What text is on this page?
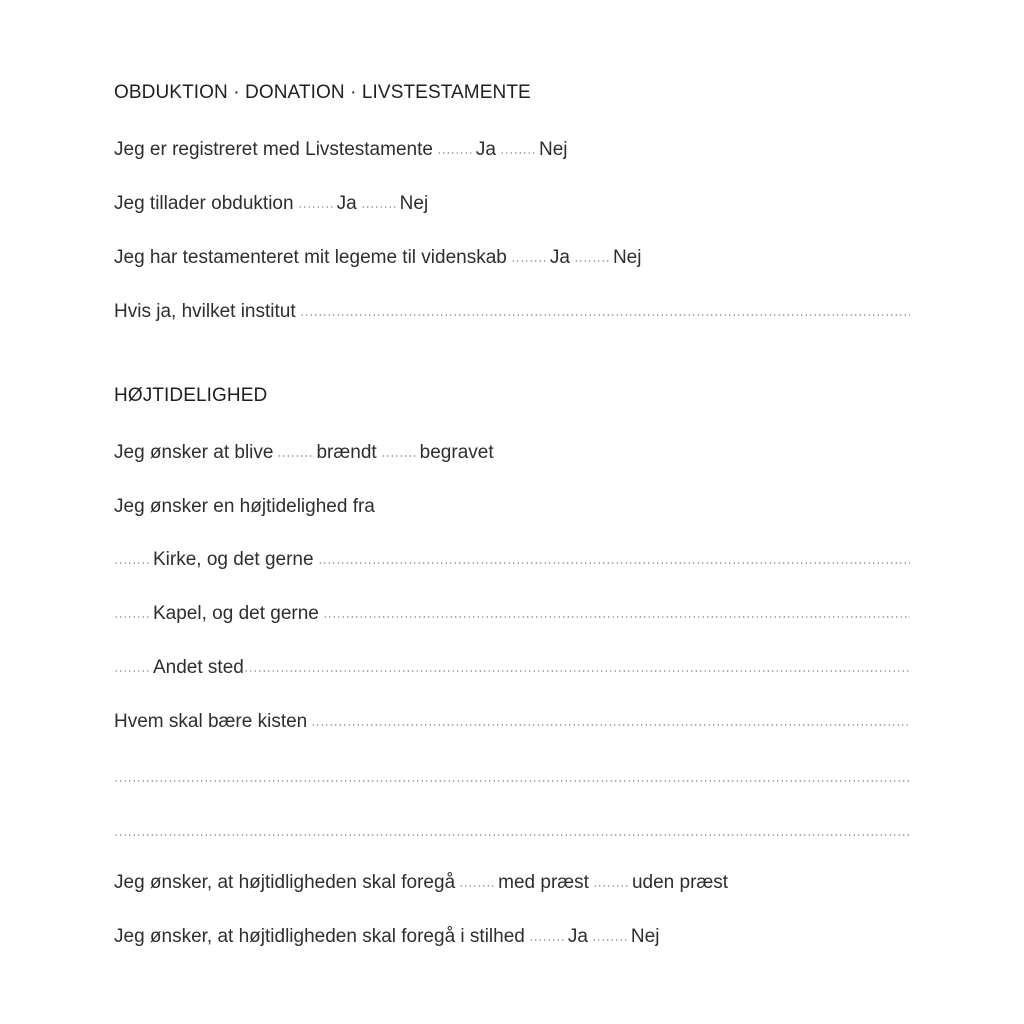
OBDUKTION · DONATION · LIVSTESTAMENTE
Jeg er registreret med Livstestamente Ja Nej
Jeg tillader obduktion Ja Nej
Jeg har testamenteret mit legeme til videnskab Ja Nej
Hvis ja, hvilket institut
HØJTIDELIGHED
Jeg ønsker at blive brændt begravet
Jeg ønsker en højtidelighed fra
Kirke, og det gerne
Kapel, og det gerne
Andet sted
Hvem skal bære kisten
Jeg ønsker, at højtidligheden skal foregå med præst uden præst
Jeg ønsker, at højtidligheden skal foregå i stilhed Ja Nej
